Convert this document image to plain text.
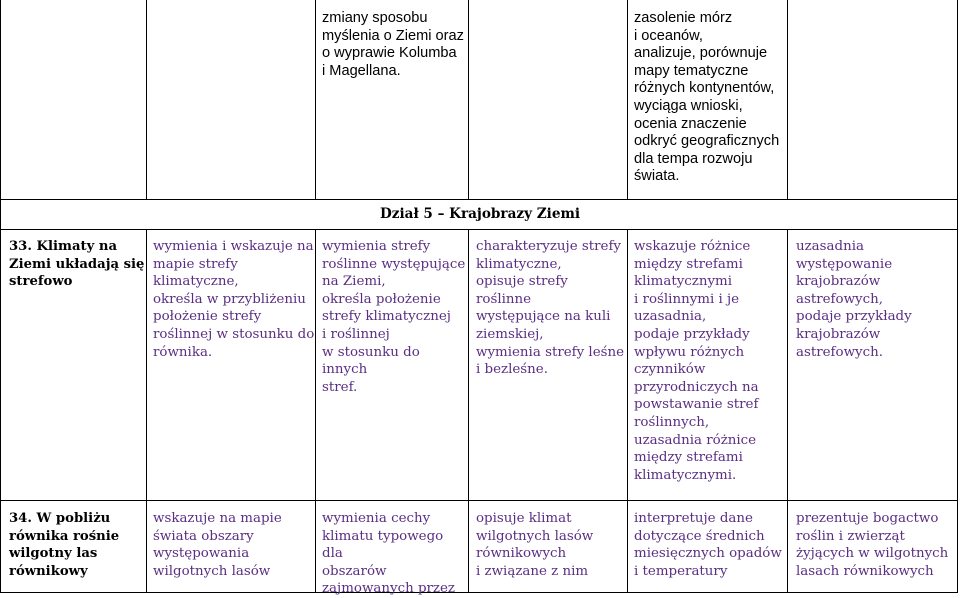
zmiany sposobu
myślenia o Ziemi oraz
o wyprawie Kolumba
i Magellana.
zasolenie mórz
i oceanów,
analizuje, porównuje
mapy tematyczne
różnych kontynentów,
wyciąga wnioski,
ocenia znaczenie
odkryć geograficznych
dla tempa rozwoju
świata.
Dział 5 – Krajobrazy Ziemi
33. Klimaty na
Ziemi układają się
strefowo
wymienia i wskazuje na
mapie strefy
klimatyczne,
określa w przybliżeniu
położenie strefy
roślinnej w stosunku do
równika.
wymienia strefy
roślinne występujące
na Ziemi,
określa położenie
strefy klimatycznej
i roślinnej
w stosunku do innych
stref.
charakteryzuje strefy
klimatyczne,
opisuje strefy roślinne
występujące na kuli
ziemskiej,
wymienia strefy leśne
i bezleśne.
wskazuje różnice
między strefami
klimatycznymi
i roślinnymi i je
uzasadnia,
podaje przykłady
wpływu różnych
czynników
przyrodniczych na
powstawanie stref
roślinnych,
uzasadnia różnice
między strefami
klimatycznymi.
uzasadnia
występowanie
krajobrazów
astrefowych,
podaje przykłady
krajobrazów
astrefowych.
34. W pobliżu
równika rośnie
wilgotny las
równikowy
wskazuje na mapie
świata obszary
występowania
wilgotnych lasów
wymienia cechy
klimatu typowego dla
obszarów
zajmowanych przez
opisuje klimat
wilgotnych lasów
równikowych
i związane z nim
interpretuje dane
dotyczące średnich
miesięcznych opadów
i temperatury
prezentuje bogactwo
roślin i zwierząt
żyjących w wilgotnych
lasach równikowych
